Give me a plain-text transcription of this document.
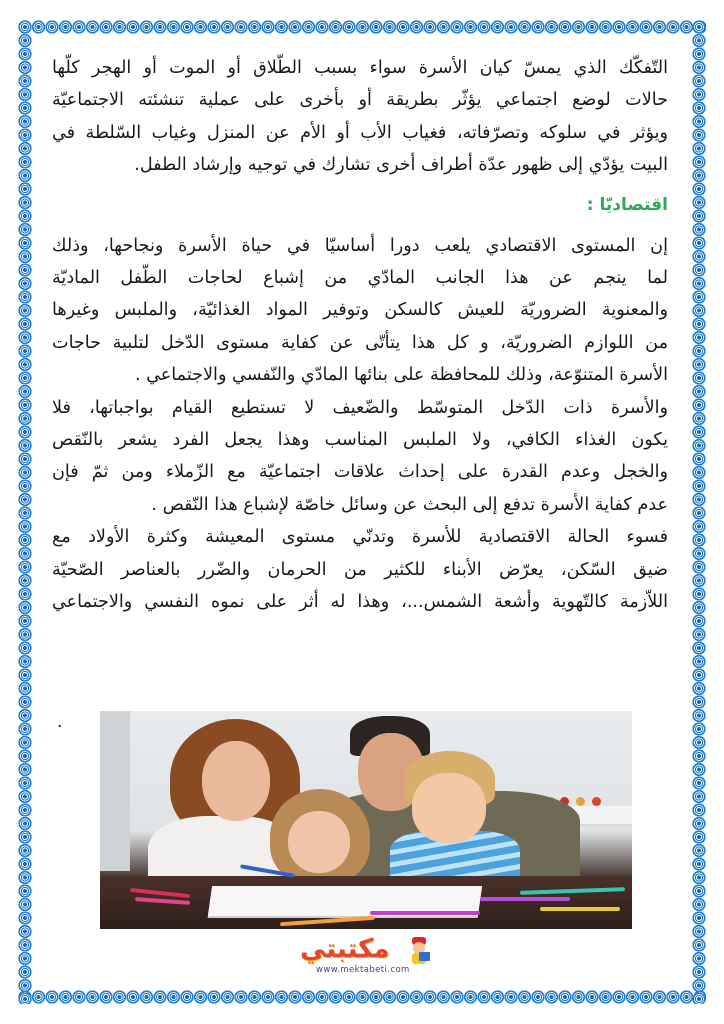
التّفكّك الذي يمسّ كيان الأسرة سواء بسبب الطّلاق أو الموت أو الهجر كلّها
حالات لوضع اجتماعي يؤثّر بطريقة أو بأخرى على عملية تنشئته الاجتماعيّة
ويؤثر في سلوكه وتصرّفاته، فغياب الأب أو الأم عن المنزل وغياب السّلطة في
البيت يؤدّي إلى ظهور عدّة أطراف أخرى تشارك في توجيه وإرشاد الطفل.

اقتصاديّا :

إن المستوى الاقتصادي يلعب دورا أساسيّا في حياة الأسرة ونجاحها، وذلك
لما ينجم عن هذا الجانب المادّي من إشباع لحاجات الطّفل الماديّة
والمعنوية الضروريّة للعيش كالسكن وتوفير المواد الغذائيّة، والملبس وغيرها
من اللوازم الضروريّة، و كل هذا يتأتّى عن كفاية مستوى الدّخل لتلبية حاجات
الأسرة المتنوّعة، وذلك للمحافظة على بنائها المادّي والنّفسي والاجتماعي .

والأسرة ذات الدّخل المتوسّط والضّعيف لا تستطيع القيام بواجباتها، فلا
يكون الغذاء الكافي، ولا الملبس المناسب وهذا يجعل الفرد يشعر بالنّقص
والخجل وعدم القدرة على إحداث علاقات اجتماعيّة مع الزّملاء ومن ثمّ فإن
عدم كفاية الأسرة تدفع إلى البحث عن وسائل خاصّة لإشباع هذا النّقص .

فسوء الحالة الاقتصادية للأسرة وتدنّي مستوى المعيشة وكثرة الأولاد مع
ضيق السّكن، يعرّض الأبناء للكثير من الحرمان والضّرر بالعناصر الصّحيّة
اللاّزمة كالتّهوية وأشعة الشمس...، وهذا له أثر على نموه النفسي والاجتماعي

.
مكتبتي
www.mektabeti.com
